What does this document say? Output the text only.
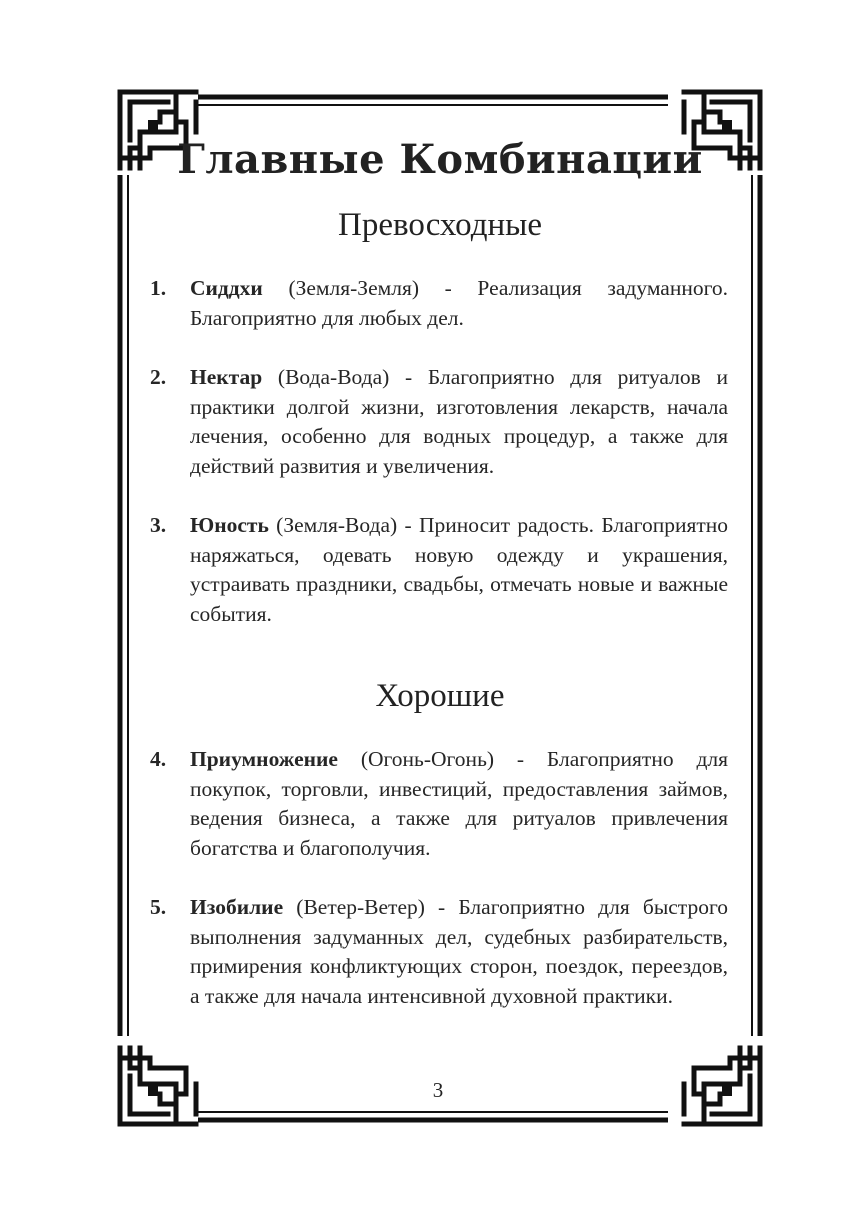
Главные Комбинации
Превосходные
1. Сиддхи (Земля-Земля) - Реализация задуманного. Благоприятно для любых дел.
2. Нектар (Вода-Вода) - Благоприятно для ритуалов и практики долгой жизни, изготовления лекарств, начала лечения, особенно для водных процедур, а также для действий развития и увеличения.
3. Юность (Земля-Вода) - Приносит радость. Благоприятно наряжаться, одевать новую одежду и украшения, устраивать праздники, свадьбы, отмечать новые и важные события.
Хорошие
4. Приумножение (Огонь-Огонь) - Благоприятно для покупок, торговли, инвестиций, предоставления займов, ведения бизнеса, а также для ритуалов привлечения богатства и благополучия.
5. Изобилие (Ветер-Ветер) - Благоприятно для быстрого выполнения задуманных дел, судебных разбирательств, примирения конфликтующих сторон, поездок, переездов, а также для начала интенсивной духовной практики.
3
